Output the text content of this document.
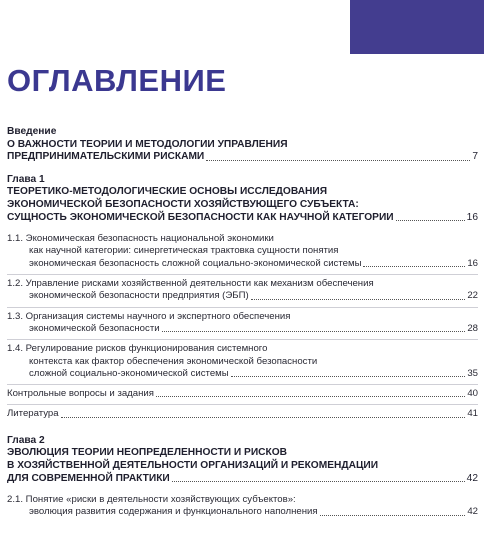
ОГЛАВЛЕНИЕ
Введение
О ВАЖНОСТИ ТЕОРИИ И МЕТОДОЛОГИИ УПРАВЛЕНИЯ
ПРЕДПРИНИМАТЕЛЬСКИМИ РИСКАМИ	7
Глава 1
ТЕОРЕТИКО-МЕТОДОЛОГИЧЕСКИЕ ОСНОВЫ ИССЛЕДОВАНИЯ
ЭКОНОМИЧЕСКОЙ БЕЗОПАСНОСТИ ХОЗЯЙСТВУЮЩЕГО СУБЪЕКТА:
СУЩНОСТЬ ЭКОНОМИЧЕСКОЙ БЕЗОПАСНОСТИ КАК НАУЧНОЙ КАТЕГОРИИ	16
1.1. Экономическая безопасность национальной экономики
как научной категории: синергетическая трактовка сущности понятия
экономическая безопасность сложной социально-экономической системы	16
1.2. Управление рисками хозяйственной деятельности как механизм обеспечения
экономической безопасности предприятия (ЭБП)	22
1.3. Организация системы научного и экспертного обеспечения
экономической безопасности	28
1.4. Регулирование рисков функционирования системного
контекста как фактор обеспечения экономической безопасности
сложной социально-экономической системы	35
Контрольные вопросы и задания	40
Литература	41
Глава 2
ЭВОЛЮЦИЯ ТЕОРИИ НЕОПРЕДЕЛЕННОСТИ И РИСКОВ
В ХОЗЯЙСТВЕННОЙ ДЕЯТЕЛЬНОСТИ ОРГАНИЗАЦИЙ И РЕКОМЕНДАЦИИ
ДЛЯ СОВРЕМЕННОЙ ПРАКТИКИ	42
2.1. Понятие «риски в деятельности хозяйствующих субъектов»:
эволюция развития содержания и функционального наполнения	42
